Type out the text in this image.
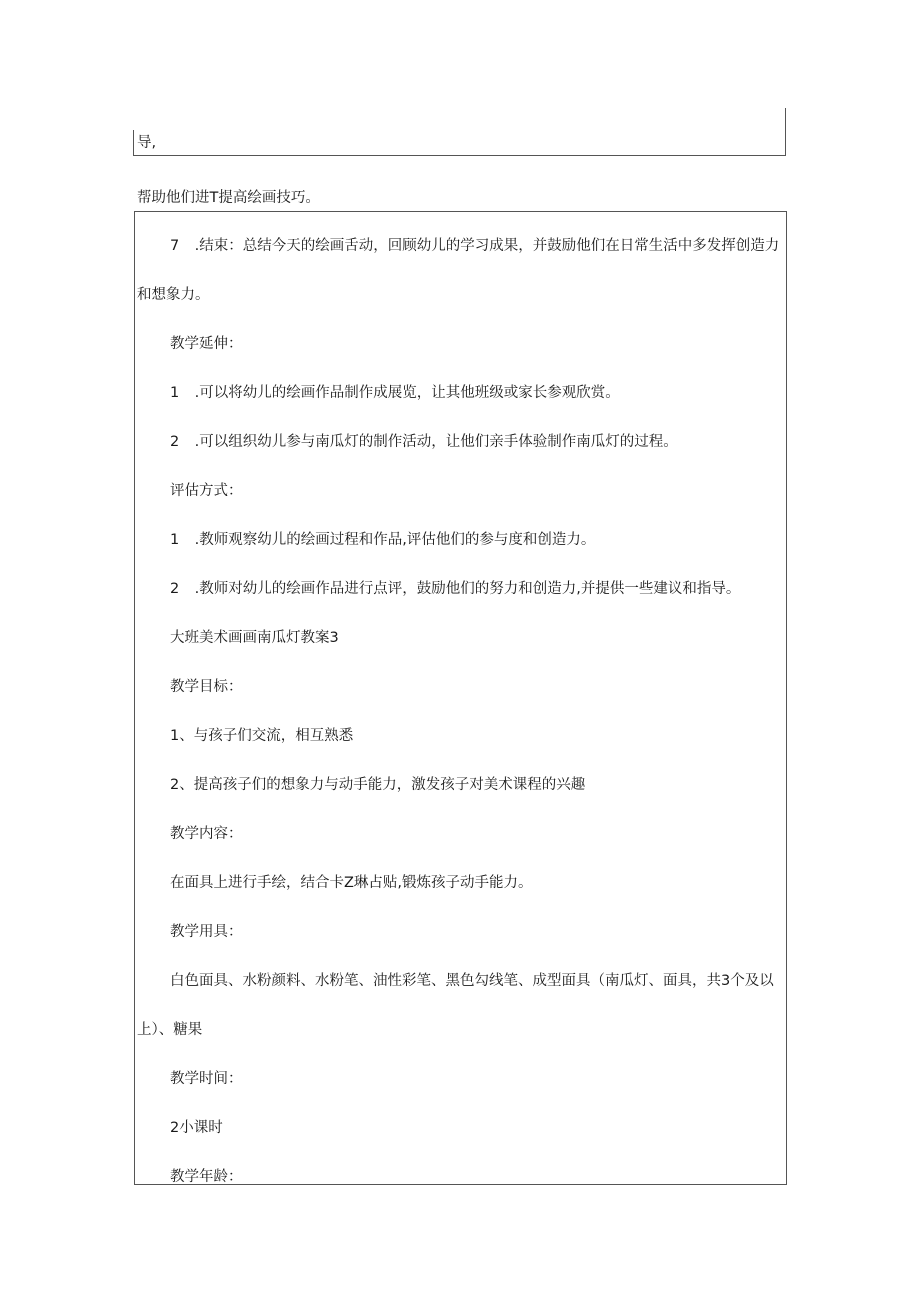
导,
帮助他们进T提高绘画技巧。
7 .结束：总结今天的绘画舌动，回顾幼儿的学习成果，并鼓励他们在日常生活中多发挥创造力
和想象力。
教学延伸：
1 .可以将幼儿的绘画作品制作成展览，让其他班级或家长参观欣赏。
2 .可以组织幼儿参与南瓜灯的制作活动，让他们亲手体验制作南瓜灯的过程。
评估方式：
1 .教师观察幼儿的绘画过程和作品,评估他们的参与度和创造力。
2 .教师对幼儿的绘画作品进行点评，鼓励他们的努力和创造力,并提供一些建议和指导。
大班美术画画南瓜灯教案3
教学目标：
1、与孩子们交流，相互熟悉
2、提高孩子们的想象力与动手能力，激发孩子对美术课程的兴趣
教学内容：
在面具上进行手绘，结合卡Z琳占贴,锻炼孩子动手能力。
教学用具：
白色面具、水粉颜料、水粉笔、油性彩笔、黑色勾线笔、成型面具（南瓜灯、面具，共3个及以
上）、糖果
教学时间：
2小课时
教学年龄：
